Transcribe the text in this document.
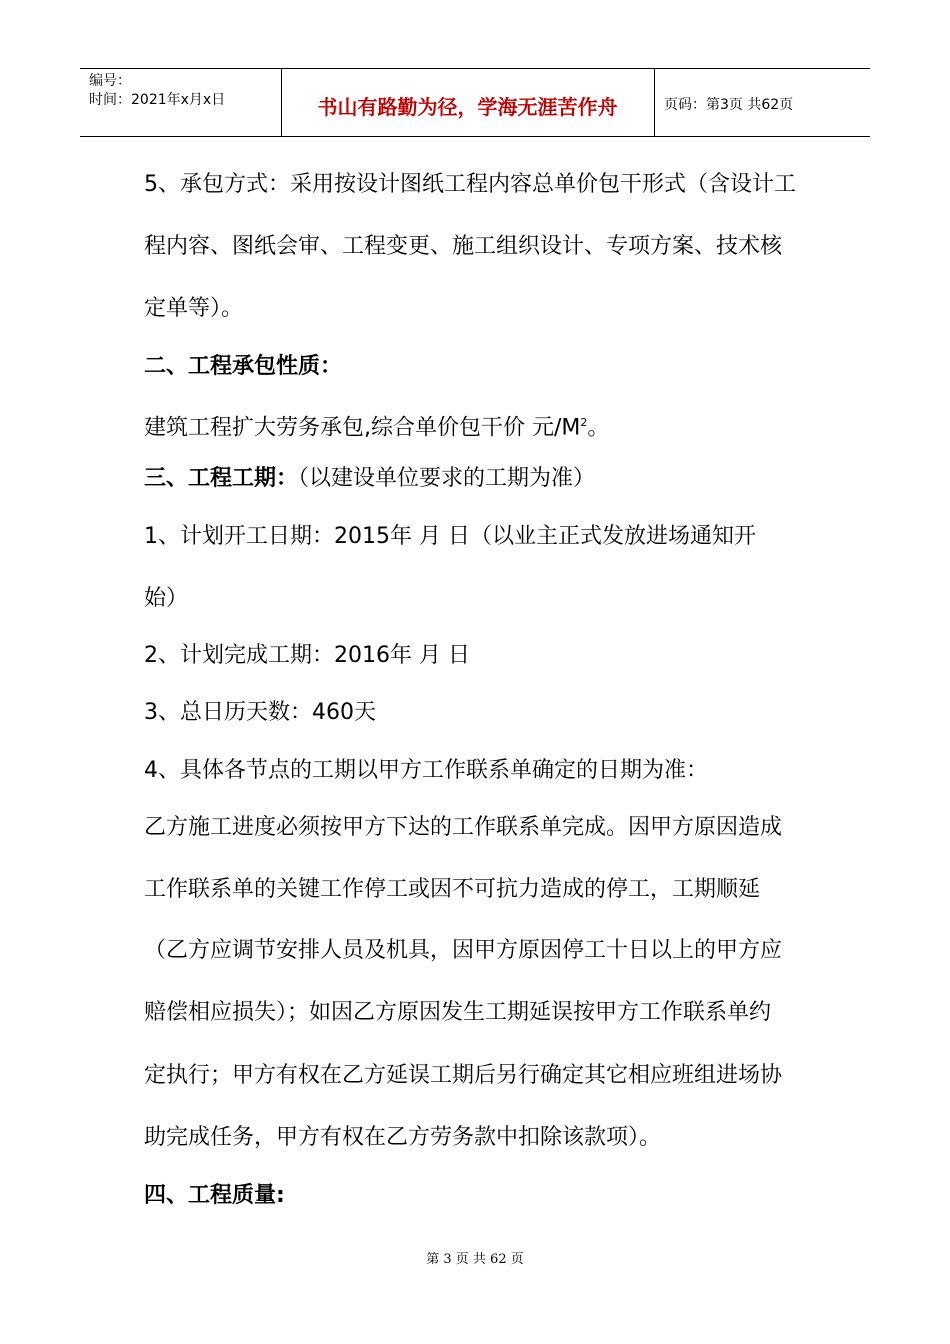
编号：
时间：2021年x月x日	书山有路勤为径，学海无涯苦作舟	页码：第3页 共62页
5、承包方式：采用按设计图纸工程内容总单价包干形式（含设计工
程内容、图纸会审、工程变更、施工组织设计、专项方案、技术核
定单等）。
二、工程承包性质：
建筑工程扩大劳务承包,综合单价包干价 元$/M^2$。
三、工程工期：（以建设单位要求的工期为准）
1、计划开工日期：2015年 月 日（以业主正式发放进场通知开
始）
2、计划完成工期：2016年 月 日
3、总日历天数：460天
4、具体各节点的工期以甲方工作联系单确定的日期为准：
乙方施工进度必须按甲方下达的工作联系单完成。因甲方原因造成
工作联系单的关键工作停工或因不可抗力造成的停工，工期顺延
（乙方应调节安排人员及机具，因甲方原因停工十日以上的甲方应
赔偿相应损失）；如因乙方原因发生工期延误按甲方工作联系单约
定执行；甲方有权在乙方延误工期后另行确定其它相应班组进场协
助完成任务，甲方有权在乙方劳务款中扣除该款项）。
四、工程质量:
第 3 页 共 62 页
